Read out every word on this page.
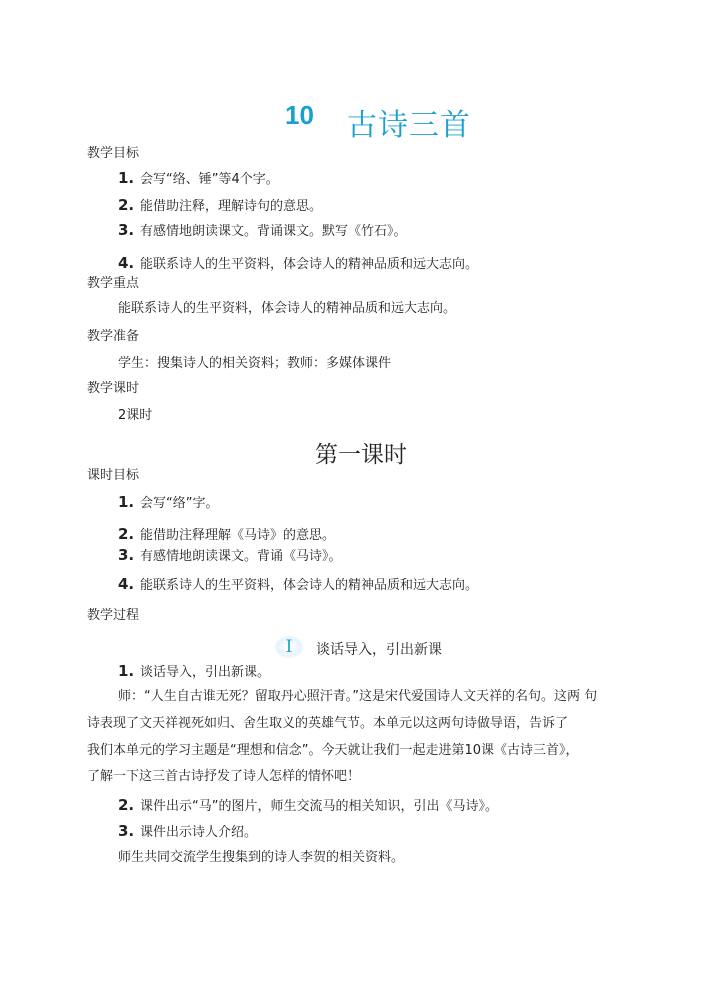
10 古诗三首
教学目标
1. 会写“络、锤”等4个字。
2. 能借助注释，理解诗句的意思。
3. 有感情地朗读课文。背诵课文。默写《竹石》。
4. 能联系诗人的生平资料，体会诗人的精神品质和远大志向。
教学重点
能联系诗人的生平资料，体会诗人的精神品质和远大志向。
教学准备
学生：搜集诗人的相关资料；教师：多媒体课件
教学课时
2课时
第一课时
课时目标
1. 会写“络”字。
2. 能借助注释理解《马诗》的意思。
3. 有感情地朗读课文。背诵《马诗》。
4. 能联系诗人的生平资料，体会诗人的精神品质和远大志向。
教学过程
I	谈话导入，引出新课
1. 谈话导入，引出新课。
师：“人生自古谁无死？留取丹心照汗青。”这是宋代爱国诗人文天祥的名句。这两 句
诗表现了文天祥视死如归、舍生取义的英雄气节。本单元以这两句诗做导语，告诉了
我们本单元的学习主题是“理想和信念”。今天就让我们一起走进第10课《古诗三首》，
了解一下这三首古诗抒发了诗人怎样的情怀吧！
2. 课件出示“马”的图片，师生交流马的相关知识，引出《马诗》。
3. 课件出示诗人介绍。
师生共同交流学生搜集到的诗人李贺的相关资料。
